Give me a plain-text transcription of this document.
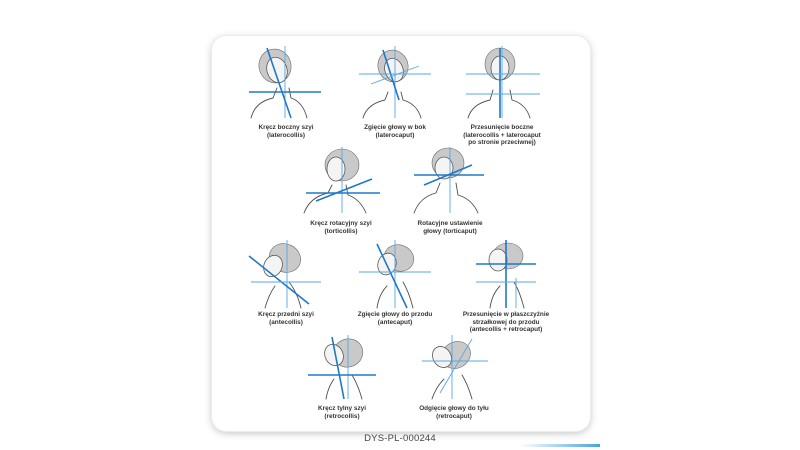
Kręcz boczny szyi
(laterocollis)
Zgięcie głowy w bok
(laterocaput)
Przesunięcie boczne
(laterocollis + laterocaput
po stronie przeciwnej)
Kręcz rotacyjny szyi
(torticollis)
Rotacyjne ustawienie
głowy (torticaput)
Kręcz przedni szyi
(antecollis)
Zgięcie głowy do przodu
(antecaput)
Przesunięcie w płaszczyźnie
strzałkowej do przodu
(antecollis + retrocaput)
Kręcz tylny szyi
(retrocollis)
Odgięcie głowy do tyłu
(retrocaput)
DYS-PL-000244
